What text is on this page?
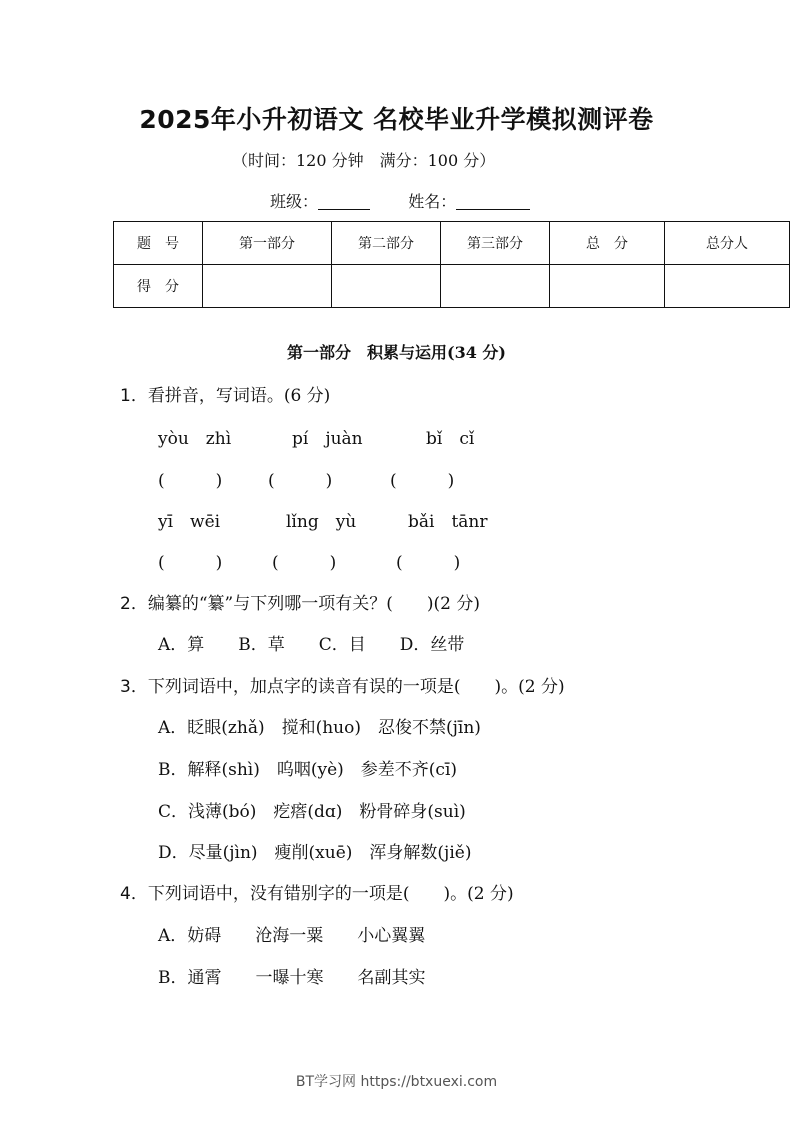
2025年小升初语文 名校毕业升学模拟测评卷
（时间：120 分钟　满分：100 分）
班级：	姓名：
题　号	第一部分	第二部分	第三部分	总　分	总分人
得　分					
第一部分　积累与运用(34 分)
1．看拼音，写词语。(6 分)
yòu　zhì	pí　juàn	bǐ　cǐ
(　　　)	(　　　)	(　　　)
yī　wēi	lǐng　yù	bǎi　tānr
(　　　)	(　　　)	(　　　)
2．编纂的“纂”与下列哪一项有关？(　　)(2 分)
A．算　　B．草　　C．目　　D．丝带
3．下列词语中，加点字的读音有误的一项是(　　)。(2 分)
A．眨眼(zhǎ)　搅和(huo)　忍俊不禁(jīn)
B．解释(shì)　呜咽(yè)　参差不齐(cī)
C．浅薄(bó)　疙瘩(dɑ)　粉骨碎身(suì)
D．尽量(jìn)　瘦削(xuē)　浑身解数(jiě)
4．下列词语中，没有错别字的一项是(　　)。(2 分)
A．妨碍　　沧海一粟　　小心翼翼
B．通霄　　一曝十寒　　名副其实
BT学习网 https://btxuexi.com
